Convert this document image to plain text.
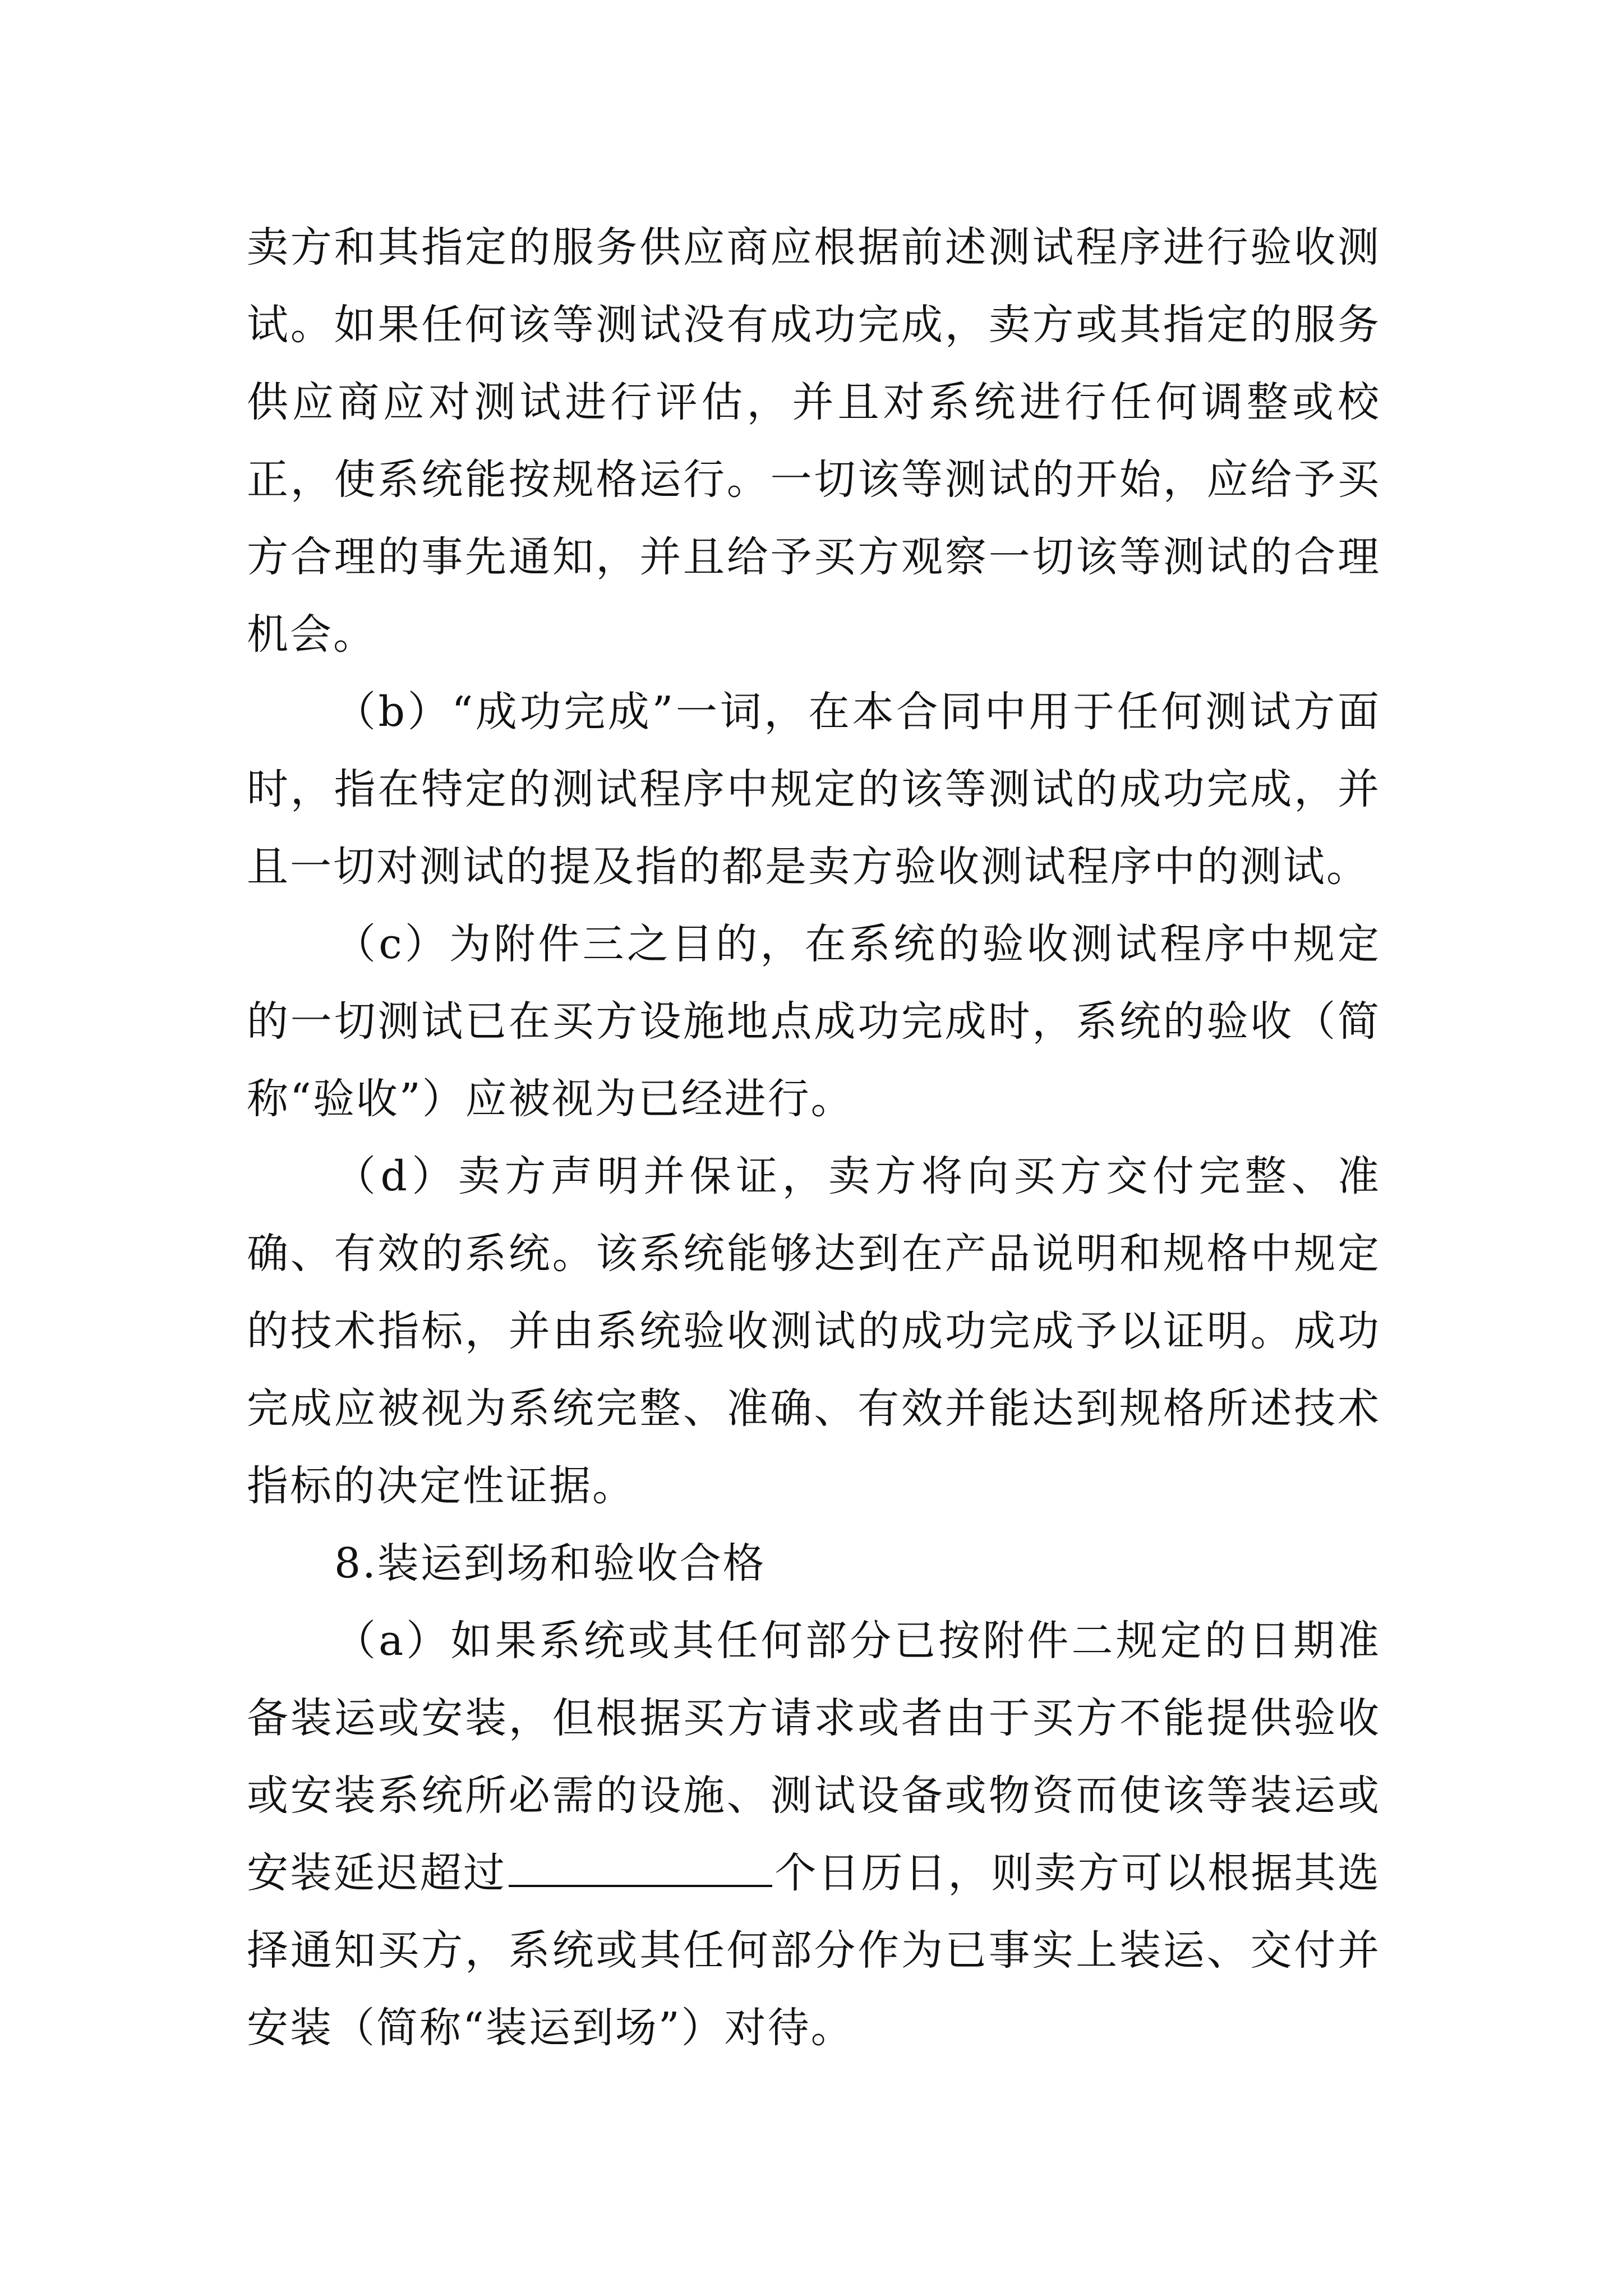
卖方和其指定的服务供应商应根据前述测试程序进行验收测试。如果任何该等测试没有成功完成，卖方或其指定的服务供应商应对测试进行评估，并且对系统进行任何调整或校正，使系统能按规格运行。一切该等测试的开始，应给予买方合理的事先通知，并且给予买方观察一切该等测试的合理机会。

（b）“成功完成”一词，在本合同中用于任何测试方面时，指在特定的测试程序中规定的该等测试的成功完成，并且一切对测试的提及指的都是卖方验收测试程序中的测试。

（c）为附件三之目的，在系统的验收测试程序中规定的一切测试已在买方设施地点成功完成时，系统的验收（简称“验收”）应被视为已经进行。

（d）卖方声明并保证，卖方将向买方交付完整、准确、有效的系统。该系统能够达到在产品说明和规格中规定的技术指标，并由系统验收测试的成功完成予以证明。成功完成应被视为系统完整、准确、有效并能达到规格所述技术指标的决定性证据。

8.装运到场和验收合格

（a）如果系统或其任何部分已按附件二规定的日期准备装运或安装，但根据买方请求或者由于买方不能提供验收或安装系统所必需的设施、测试设备或物资而使该等装运或安装延迟超过	个日历日，则卖方可以根据其选择通知买方，系统或其任何部分作为已事实上装运、交付并安装（简称“装运到场”）对待。
